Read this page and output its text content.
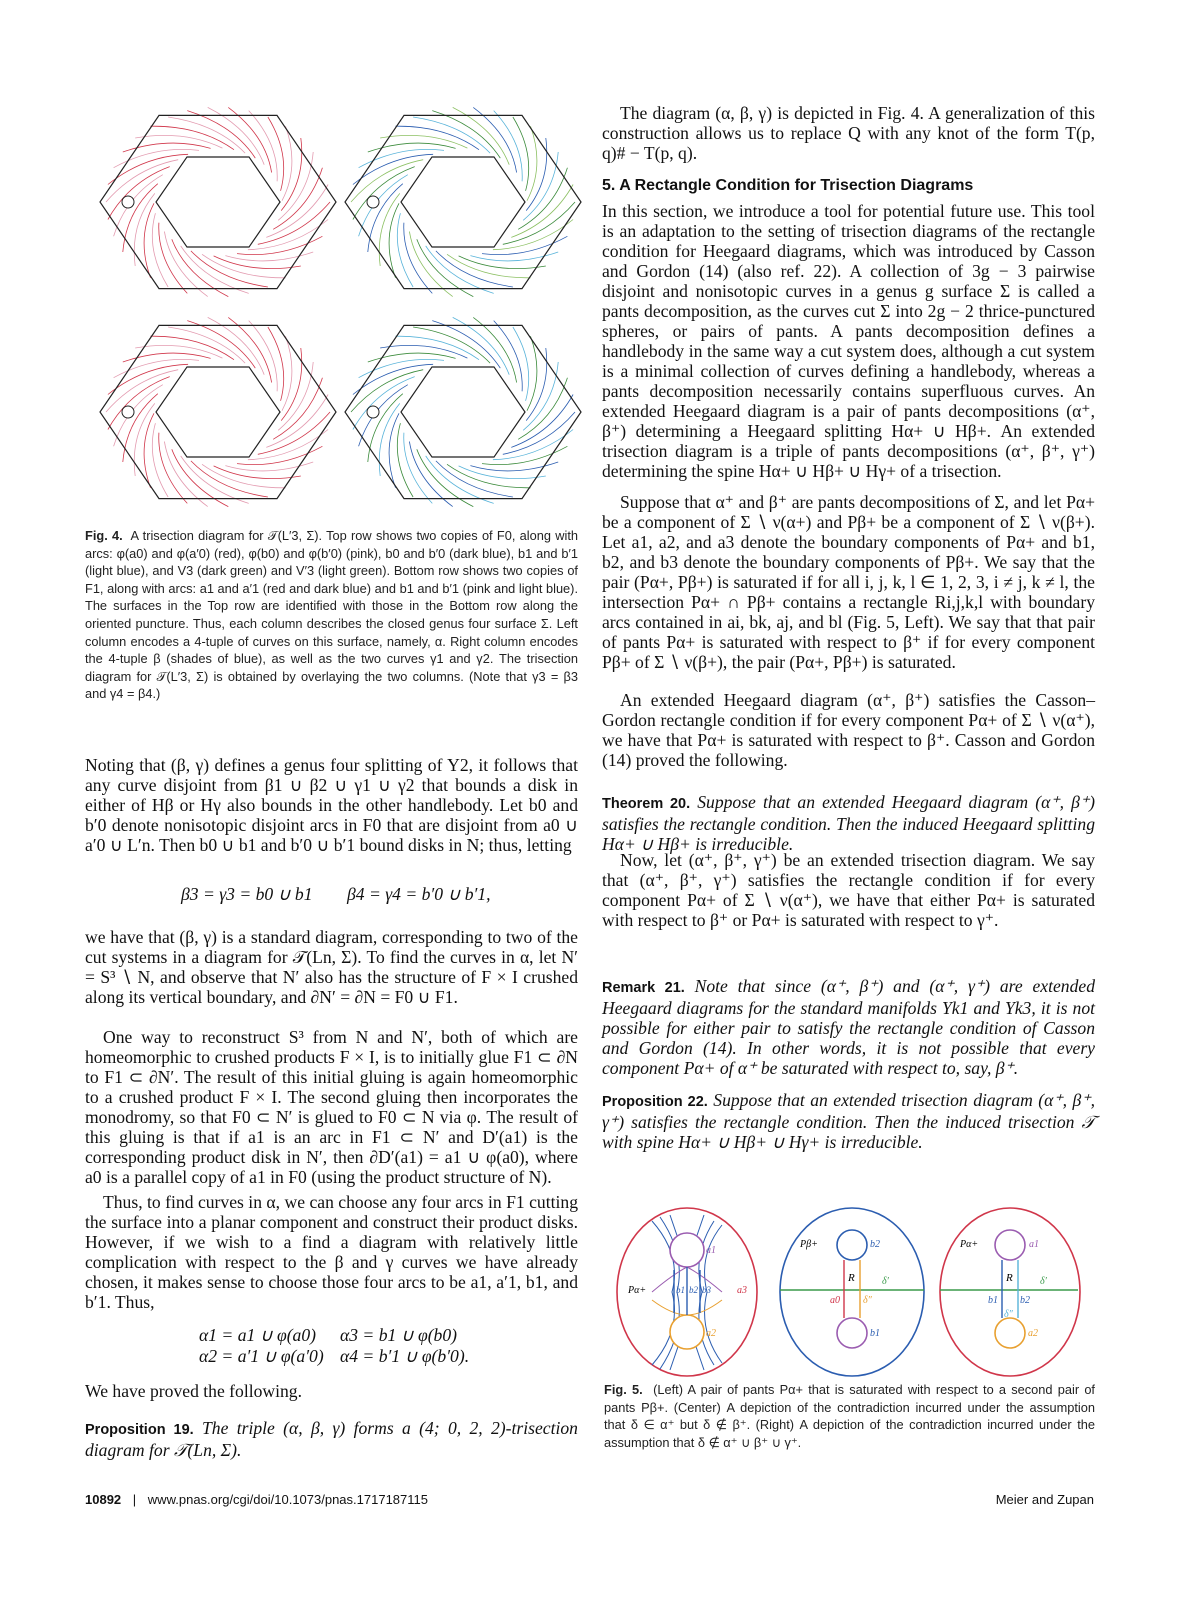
Fig. 4. A trisection diagram for 𝒯(L′3, Σ). Top row shows two copies of F0, along with arcs: φ(a0) and φ(a′0) (red), φ(b0) and φ(b′0) (pink), b0 and b′0 (dark blue), b1 and b′1 (light blue), and V3 (dark green) and V′3 (light green). Bottom row shows two copies of F1, along with arcs: a1 and a′1 (red and dark blue) and b1 and b′1 (pink and light blue). The surfaces in the Top row are identified with those in the Bottom row along the oriented puncture. Thus, each column describes the closed genus four surface Σ. Left column encodes a 4-tuple of curves on this surface, namely, α. Right column encodes the 4-tuple β (shades of blue), as well as the two curves γ1 and γ2. The trisection diagram for 𝒯(L′3, Σ) is obtained by overlaying the two columns. (Note that γ3 = β3 and γ4 = β4.)

Noting that (β, γ) defines a genus four splitting of Y2, it follows that any curve disjoint from β1 ∪ β2 ∪ γ1 ∪ γ2 that bounds a disk in either of Hβ or Hγ also bounds in the other handlebody. Let b0 and b′0 denote nonisotopic disjoint arcs in F0 that are disjoint from a0 ∪ a′0 ∪ L′n. Then b0 ∪ b1 and b′0 ∪ b′1 bound disks in N; thus, letting

β3 = γ3 = b0 ∪ b1 β4 = γ4 = b′0 ∪ b′1,

we have that (β, γ) is a standard diagram, corresponding to two of the cut systems in a diagram for 𝒯(Ln, Σ). To find the curves in α, let N′ = S³ ∖ N, and observe that N′ also has the structure of F × I crushed along its vertical boundary, and ∂N′ = ∂N = F0 ∪ F1.

One way to reconstruct S³ from N and N′, both of which are homeomorphic to crushed products F × I, is to initially glue F1 ⊂ ∂N to F1 ⊂ ∂N′. The result of this initial gluing is again homeomorphic to a crushed product F × I. The second gluing then incorporates the monodromy, so that F0 ⊂ N′ is glued to F0 ⊂ N via φ. The result of this gluing is that if a1 is an arc in F1 ⊂ N′ and D′(a1) is the corresponding product disk in N′, then ∂D′(a1) = a1 ∪ φ(a0), where a0 is a parallel copy of a1 in F0 (using the product structure of N).

Thus, to find curves in α, we can choose any four arcs in F1 cutting the surface into a planar component and construct their product disks. However, if we wish to a find a diagram with relatively little complication with respect to the β and γ curves we have already chosen, it makes sense to choose those four arcs to be a1, a′1, b1, and b′1. Thus,

α1 = a1 ∪ φ(a0) α3 = b1 ∪ φ(b0)
α2 = a′1 ∪ φ(a′0) α4 = b′1 ∪ φ(b′0).

We have proved the following.

Proposition 19. The triple (α, β, γ) forms a (4; 0, 2, 2)-trisection diagram for 𝒯(Ln, Σ).

The diagram (α, β, γ) is depicted in Fig. 4. A generalization of this construction allows us to replace Q with any knot of the form T(p, q)# − T(p, q).

5. A Rectangle Condition for Trisection Diagrams

In this section, we introduce a tool for potential future use. This tool is an adaptation to the setting of trisection diagrams of the rectangle condition for Heegaard diagrams, which was introduced by Casson and Gordon (14) (also ref. 22). A collection of 3g − 3 pairwise disjoint and nonisotopic curves in a genus g surface Σ is called a pants decomposition, as the curves cut Σ into 2g − 2 thrice-punctured spheres, or pairs of pants. A pants decomposition defines a handlebody in the same way a cut system does, although a cut system is a minimal collection of curves defining a handlebody, whereas a pants decomposition necessarily contains superfluous curves. An extended Heegaard diagram is a pair of pants decompositions (α⁺, β⁺) determining a Heegaard splitting Hα+ ∪ Hβ+. An extended trisection diagram is a triple of pants decompositions (α⁺, β⁺, γ⁺) determining the spine Hα+ ∪ Hβ+ ∪ Hγ+ of a trisection.

Suppose that α⁺ and β⁺ are pants decompositions of Σ, and let Pα+ be a component of Σ ∖ ν(α+) and Pβ+ be a component of Σ ∖ ν(β+). Let a1, a2, and a3 denote the boundary components of Pα+ and b1, b2, and b3 denote the boundary components of Pβ+. We say that the pair (Pα+, Pβ+) is saturated if for all i, j, k, l ∈ 1, 2, 3, i ≠ j, k ≠ l, the intersection Pα+ ∩ Pβ+ contains a rectangle Ri,j,k,l with boundary arcs contained in ai, bk, aj, and bl (Fig. 5, Left). We say that that pair of pants Pα+ is saturated with respect to β⁺ if for every component Pβ+ of Σ ∖ ν(β+), the pair (Pα+, Pβ+) is saturated.

An extended Heegaard diagram (α⁺, β⁺) satisfies the Casson–Gordon rectangle condition if for every component Pα+ of Σ ∖ ν(α⁺), we have that Pα+ is saturated with respect to β⁺. Casson and Gordon (14) proved the following.

Theorem 20. Suppose that an extended Heegaard diagram (α⁺, β⁺) satisfies the rectangle condition. Then the induced Heegaard splitting Hα+ ∪ Hβ+ is irreducible.

Now, let (α⁺, β⁺, γ⁺) be an extended trisection diagram. We say that (α⁺, β⁺, γ⁺) satisfies the rectangle condition if for every component Pα+ of Σ ∖ ν(α⁺), we have that either Pα+ is saturated with respect to β⁺ or Pα+ is saturated with respect to γ⁺.

Remark 21. Note that since (α⁺, β⁺) and (α⁺, γ⁺) are extended Heegaard diagrams for the standard manifolds Yk1 and Yk3, it is not possible for either pair to satisfy the rectangle condition of Casson and Gordon (14). In other words, it is not possible that every component Pα+ of α⁺ be saturated with respect to, say, β⁺.

Proposition 22. Suppose that an extended trisection diagram (α⁺, β⁺, γ⁺) satisfies the rectangle condition. Then the induced trisection 𝒯 with spine Hα+ ∪ Hβ+ ∪ Hγ+ is irreducible.

Pα+
a1
a2
a3
b1 b2 b3
Pβ+	b2
b1
R	δ′
a0 δ″
Pα+	a1
a2
R	δ′
b1 b2
δ″
Fig. 5. (Left) A pair of pants Pα+ that is saturated with respect to a second pair of pants Pβ+. (Center) A depiction of the contradiction incurred under the assumption that δ ∈ α⁺ but δ ∉ β⁺. (Right) A depiction of the contradiction incurred under the assumption that δ ∉ α⁺ ∪ β⁺ ∪ γ⁺.
10892 | www.pnas.org/cgi/doi/10.1073/pnas.1717187115	Meier and Zupan
